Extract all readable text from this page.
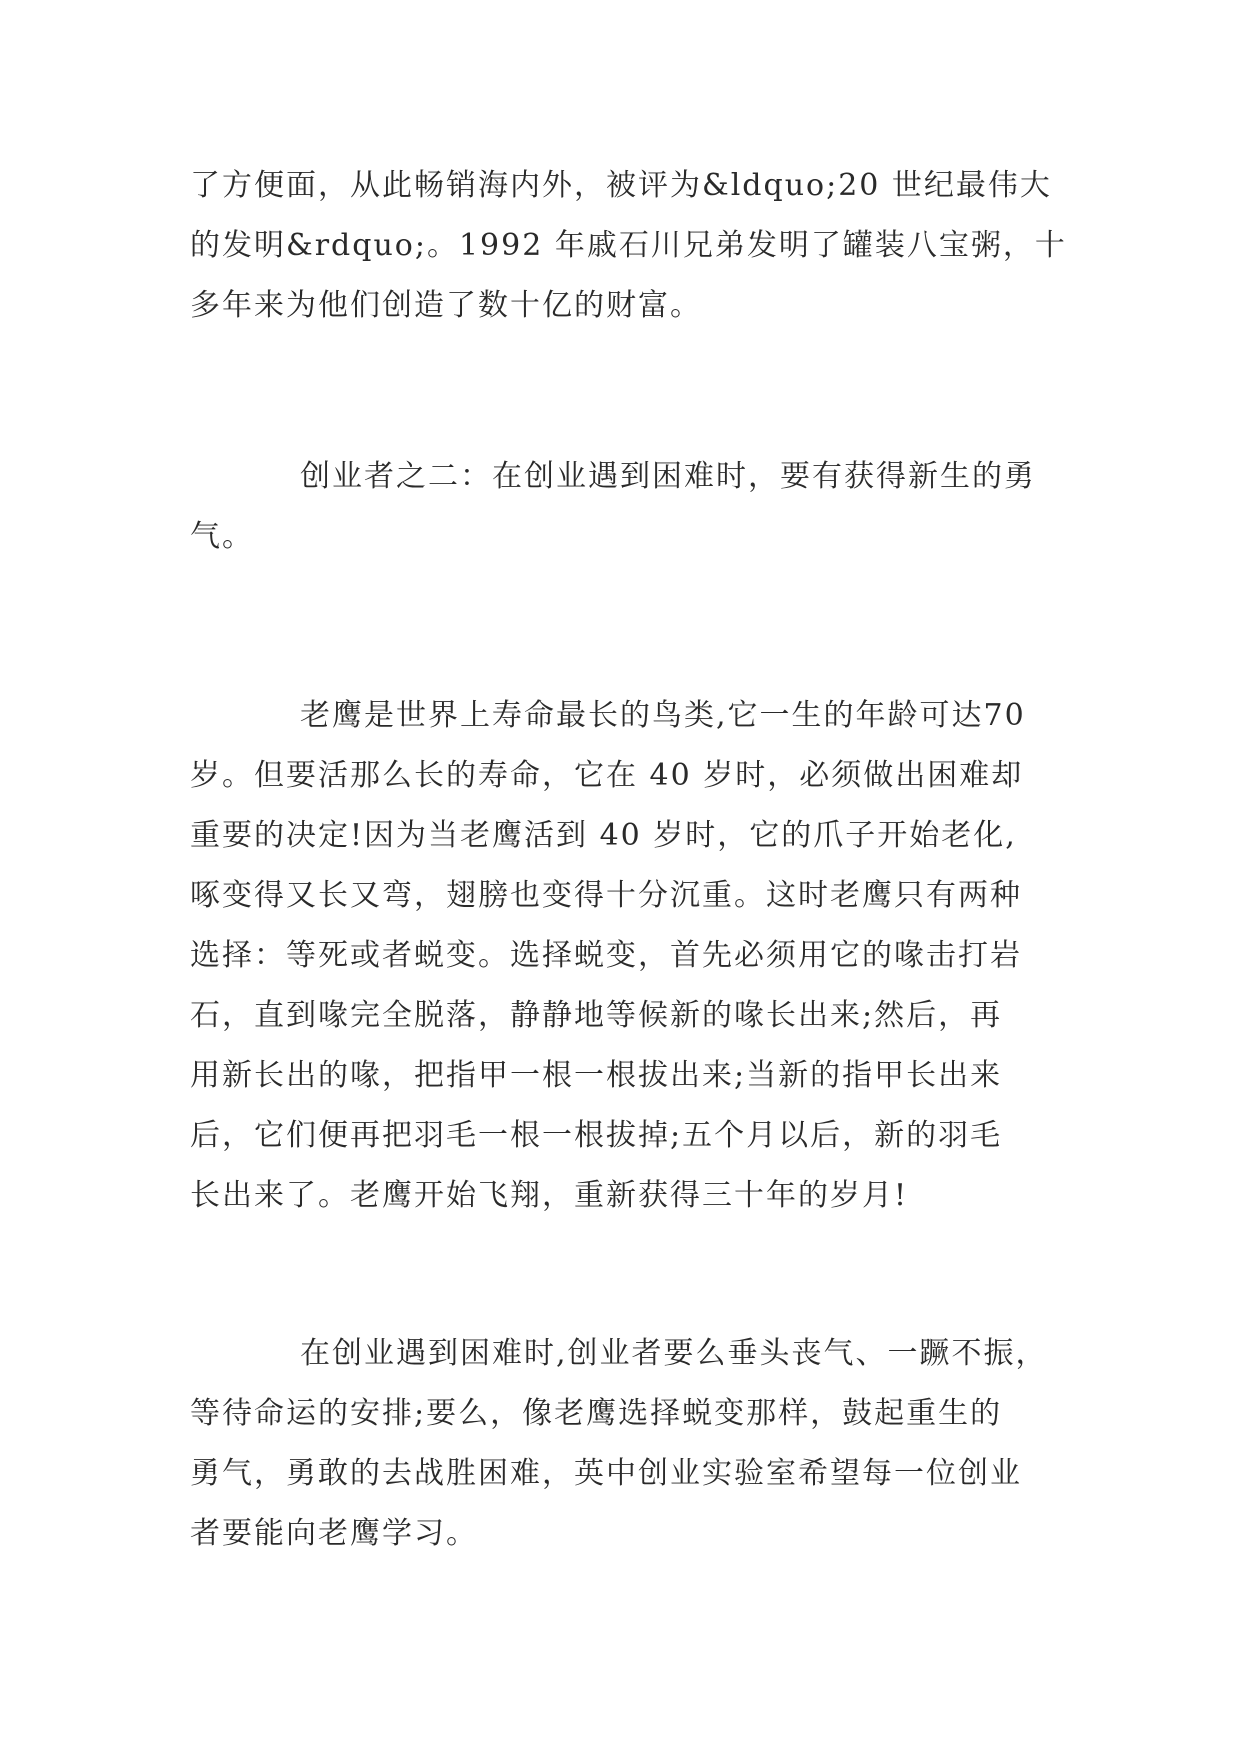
了方便面，从此畅销海内外，被评为&ldquo;20 世纪最伟大
的发明&rdquo;。1992 年戚石川兄弟发明了罐装八宝粥，十
多年来为他们创造了数十亿的财富。
创业者之二：在创业遇到困难时，要有获得新生的勇
气。
老鹰是世界上寿命最长的鸟类,它一生的年龄可达70
岁。但要活那么长的寿命，它在 40 岁时，必须做出困难却
重要的决定!因为当老鹰活到 40 岁时，它的爪子开始老化,
啄变得又长又弯，翅膀也变得十分沉重。这时老鹰只有两种
选择：等死或者蜕变。选择蜕变，首先必须用它的喙击打岩
石，直到喙完全脱落，静静地等候新的喙长出来;然后，再
用新长出的喙，把指甲一根一根拔出来;当新的指甲长出来
后，它们便再把羽毛一根一根拔掉;五个月以后，新的羽毛
长出来了。老鹰开始飞翔，重新获得三十年的岁月!
在创业遇到困难时,创业者要么垂头丧气、一蹶不振，
等待命运的安排;要么，像老鹰选择蜕变那样，鼓起重生的
勇气，勇敢的去战胜困难，英中创业实验室希望每一位创业
者要能向老鹰学习。
